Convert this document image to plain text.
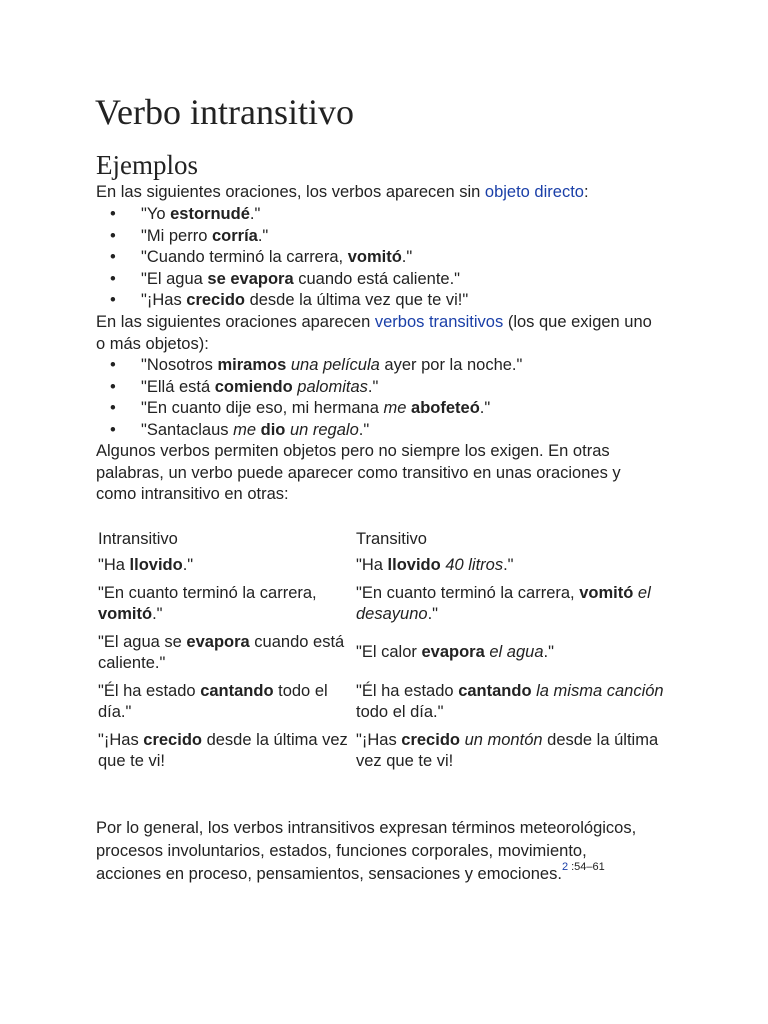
Verbo intransitivo
Ejemplos

En las siguientes oraciones, los verbos aparecen sin objeto directo:

• "Yo estornudé."
• "Mi perro corría."
• "Cuando terminó la carrera, vomitó."
• "El agua se evapora cuando está caliente."
• "¡Has crecido desde la última vez que te vi!"

En las siguientes oraciones aparecen verbos transitivos (los que exigen uno o más objetos):

• "Nosotros miramos una película ayer por la noche."
• "Ellá está comiendo palomitas."
• "En cuanto dije eso, mi hermana me abofeteó."
• "Santaclaus me dio un regalo."

Algunos verbos permiten objetos pero no siempre los exigen. En otras palabras, un verbo puede aparecer como transitivo en unas oraciones y como intransitivo en otras:

Intransitivo	Transitivo
"Ha llovido."	"Ha llovido 40 litros."
"En cuanto terminó la carrera, vomitó."	"En cuanto terminó la carrera, vomitó el desayuno."
"El agua se evapora cuando está caliente."	"El calor evapora el agua."
"Él ha estado cantando todo el día."	"Él ha estado cantando la misma canción todo el día."
"¡Has crecido desde la última vez que te vi!	"¡Has crecido un montón desde la última vez que te vi!

Por lo general, los verbos intransitivos expresan términos meteorológicos, procesos involuntarios, estados, funciones corporales, movimiento, acciones en proceso, pensamientos, sensaciones y emociones.$^{2 :54-61}$
